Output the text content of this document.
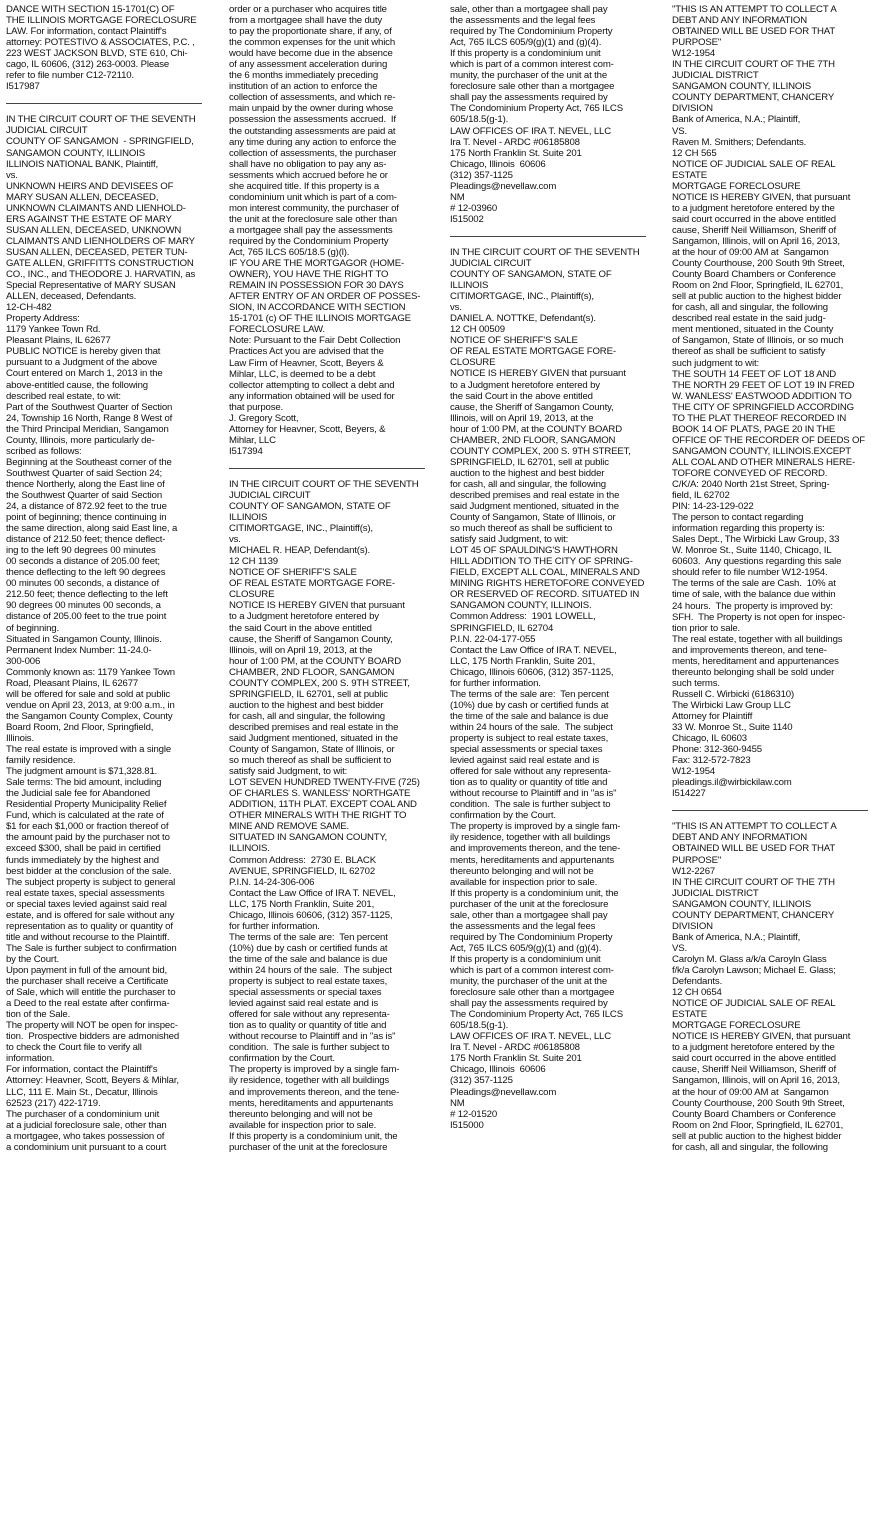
DANCE WITH SECTION 15-1701(C) OF
THE ILLINOIS MORTGAGE FORECLOSURE
LAW. For information, contact Plaintiff's
attorney: POTESTIVO & ASSOCIATES, P.C. ,
223 WEST JACKSON BLVD, STE 610, Chi-
cago, IL 60606, (312) 263-0003. Please
refer to file number C12-72110.
I517987
IN THE CIRCUIT COURT OF THE SEVENTH
JUDICIAL CIRCUIT
COUNTY OF SANGAMON  - SPRINGFIELD,
SANGAMON COUNTY, ILLINOIS
ILLINOIS NATIONAL BANK, Plaintiff,
vs.
UNKNOWN HEIRS AND DEVISEES OF
MARY SUSAN ALLEN, DECEASED,
UNKNOWN CLAIMANTS AND LIENHOLD-
ERS AGAINST THE ESTATE OF MARY
SUSAN ALLEN, DECEASED, UNKNOWN
CLAIMANTS AND LIENHOLDERS OF MARY
SUSAN ALLEN, DECEASED, PETER TUN-
GATE ALLEN, GRIFFITTS CONSTRUCTION
CO., INC., and THEODORE J. HARVATIN, as
Special Representative of MARY SUSAN
ALLEN, deceased, Defendants.
12-CH-482
Property Address:
1179 Yankee Town Rd.
Pleasant Plains, IL 62677
PUBLIC NOTICE is hereby given that
pursuant to a Judgment of the above
Court entered on March 1, 2013 in the
above-entitled cause, the following
described real estate, to wit:
Part of the Southwest Quarter of Section
24, Township 16 North, Range 8 West of
the Third Principal Meridian, Sangamon
County, Illinois, more particularly de-
scribed as follows:
Beginning at the Southeast corner of the
Southwest Quarter of said Section 24;
thence Northerly, along the East line of
the Southwest Quarter of said Section
24, a distance of 872.92 feet to the true
point of beginning; thence continuing in
the same direction, along said East line, a
distance of 212.50 feet; thence deflect-
ing to the left 90 degrees 00 minutes
00 seconds a distance of 205.00 feet;
thence deflecting to the left 90 degrees
00 minutes 00 seconds, a distance of
212.50 feet; thence deflecting to the left
90 degrees 00 minutes 00 seconds, a
distance of 205.00 feet to the true point
of beginning.
Situated in Sangamon County, Illinois.
Permanent Index Number: 11-24.0-
300-006
Commonly known as: 1179 Yankee Town
Road, Pleasant Plains, IL 62677
will be offered for sale and sold at public
vendue on April 23, 2013, at 9:00 a.m., in
the Sangamon County Complex, County
Board Room, 2nd Floor, Springfield,
Illinois.
The real estate is improved with a single
family residence.
The judgment amount is $71,328.81.
Sale terms: The bid amount, including
the Judicial sale fee for Abandoned
Residential Property Municipality Relief
Fund, which is calculated at the rate of
$1 for each $1,000 or fraction thereof of
the amount paid by the purchaser not to
exceed $300, shall be paid in certified
funds immediately by the highest and
best bidder at the conclusion of the sale.
The subject property is subject to general
real estate taxes, special assessments
or special taxes levied against said real
estate, and is offered for sale without any
representation as to quality or quantity of
title and without recourse to the Plaintiff.
The Sale is further subject to confirmation
by the Court.
Upon payment in full of the amount bid,
the purchaser shall receive a Certificate
of Sale, which will entitle the purchaser to
a Deed to the real estate after confirma-
tion of the Sale.
The property will NOT be open for inspec-
tion.  Prospective bidders are admonished
to check the Court file to verify all
information.
For information, contact the Plaintiff's
Attorney: Heavner, Scott, Beyers & Mihlar,
LLC, 111 E. Main St., Decatur, Illinois
62523 (217) 422-1719.
The purchaser of a condominium unit
at a judicial foreclosure sale, other than
a mortgagee, who takes possession of
a condominium unit pursuant to a court
order or a purchaser who acquires title
from a mortgagee shall have the duty
to pay the proportionate share, if any, of
the common expenses for the unit which
would have become due in the absence
of any assessment acceleration during
the 6 months immediately preceding
institution of an action to enforce the
collection of assessments, and which re-
main unpaid by the owner during whose
possession the assessments accrued.  If
the outstanding assessments are paid at
any time during any action to enforce the
collection of assessments, the purchaser
shall have no obligation to pay any as-
sessments which accrued before he or
she acquired title. If this property is a
condominium unit which is part of a com-
mon interest community, the purchaser of
the unit at the foreclosure sale other than
a mortgagee shall pay the assessments
required by the Condominium Property
Act, 765 ILCS 605/18.5 (g)(l).
IF YOU ARE THE MORTGAGOR (HOME-
OWNER), YOU HAVE THE RIGHT TO
REMAIN IN POSSESSION FOR 30 DAYS
AFTER ENTRY OF AN ORDER OF POSSES-
SION, IN ACCORDANCE WITH SECTION
15-1701 (c) OF THE ILLINOIS MORTGAGE
FORECLOSURE LAW.
Note: Pursuant to the Fair Debt Collection
Practices Act you are advised that the
Law Firm of Heavner, Scott, Beyers &
Mihlar, LLC, is deemed to be a debt
collector attempting to collect a debt and
any information obtained will be used for
that purpose.
J. Gregory Scott,
Attorney for Heavner, Scott, Beyers, &
Mihlar, LLC
I517394
IN THE CIRCUIT COURT OF THE SEVENTH
JUDICIAL CIRCUIT
COUNTY OF SANGAMON, STATE OF
ILLINOIS
CITIMORTGAGE, INC., Plaintiff(s),
vs.
MICHAEL R. HEAP, Defendant(s).
12 CH 1139
NOTICE OF SHERIFF'S SALE
OF REAL ESTATE MORTGAGE FORE-
CLOSURE
NOTICE IS HEREBY GIVEN that pursuant
to a Judgment heretofore entered by
the said Court in the above entitled
cause, the Sheriff of Sangamon County,
Illinois, will on April 19, 2013, at the
hour of 1:00 PM, at the COUNTY BOARD
CHAMBER, 2ND FLOOR, SANGAMON
COUNTY COMPLEX, 200 S. 9TH STREET,
SPRINGFIELD, IL 62701, sell at public
auction to the highest and best bidder
for cash, all and singular, the following
described premises and real estate in the
said Judgment mentioned, situated in the
County of Sangamon, State of Illinois, or
so much thereof as shall be sufficient to
satisfy said Judgment, to wit:
LOT SEVEN HUNDRED TWENTY-FIVE (725)
OF CHARLES S. WANLESS' NORTHGATE
ADDITION, 11TH PLAT. EXCEPT COAL AND
OTHER MINERALS WITH THE RIGHT TO
MINE AND REMOVE SAME.
SITUATED IN SANGAMON COUNTY,
ILLINOIS.
Common Address:  2730 E. BLACK
AVENUE, SPRINGFIELD, IL 62702
P.I.N. 14-24-306-006
Contact the Law Office of IRA T. NEVEL,
LLC, 175 North Franklin, Suite 201,
Chicago, Illinois 60606, (312) 357-1125,
for further information.
The terms of the sale are:  Ten percent
(10%) due by cash or certified funds at
the time of the sale and balance is due
within 24 hours of the sale.  The subject
property is subject to real estate taxes,
special assessments or special taxes
levied against said real estate and is
offered for sale without any representa-
tion as to quality or quantity of title and
without recourse to Plaintiff and in "as is"
condition.  The sale is further subject to
confirmation by the Court.
The property is improved by a single fam-
ily residence, together with all buildings
and improvements thereon, and the tene-
ments, hereditaments and appurtenants
thereunto belonging and will not be
available for inspection prior to sale.
If this property is a condominium unit, the
purchaser of the unit at the foreclosure
sale, other than a mortgagee shall pay
the assessments and the legal fees
required by The Condominium Property
Act, 765 ILCS 605/9(g)(1) and (g)(4).
If this property is a condominium unit
which is part of a common interest com-
munity, the purchaser of the unit at the
foreclosure sale other than a mortgagee
shall pay the assessments required by
The Condominium Property Act, 765 ILCS
605/18.5(g-1).
LAW OFFICES OF IRA T. NEVEL, LLC
Ira T. Nevel - ARDC #06185808
175 North Franklin St. Suite 201
Chicago, Illinois  60606
(312) 357-1125
Pleadings@nevellaw.com
NM
# 12-03960
I515002
IN THE CIRCUIT COURT OF THE SEVENTH
JUDICIAL CIRCUIT
COUNTY OF SANGAMON, STATE OF
ILLINOIS
CITIMORTGAGE, INC., Plaintiff(s),
vs.
DANIEL A. NOTTKE, Defendant(s).
12 CH 00509
NOTICE OF SHERIFF'S SALE
OF REAL ESTATE MORTGAGE FORE-
CLOSURE
NOTICE IS HEREBY GIVEN that pursuant
to a Judgment heretofore entered by
the said Court in the above entitled
cause, the Sheriff of Sangamon County,
Illinois, will on April 19, 2013, at the
hour of 1:00 PM, at the COUNTY BOARD
CHAMBER, 2ND FLOOR, SANGAMON
COUNTY COMPLEX, 200 S. 9TH STREET,
SPRINGFIELD, IL 62701, sell at public
auction to the highest and best bidder
for cash, all and singular, the following
described premises and real estate in the
said Judgment mentioned, situated in the
County of Sangamon, State of Illinois, or
so much thereof as shall be sufficient to
satisfy said Judgment, to wit:
LOT 45 OF SPAULDING'S HAWTHORN
HILL ADDITION TO THE CITY OF SPRING-
FIELD, EXCEPT ALL COAL, MINERALS AND
MINING RIGHTS HERETOFORE CONVEYED
OR RESERVED OF RECORD. SITUATED IN
SANGAMON COUNTY, ILLINOIS.
Common Address:  1901 LOWELL,
SPRINGFIELD, IL 62704
P.I.N. 22-04-177-055
Contact the Law Office of IRA T. NEVEL,
LLC, 175 North Franklin, Suite 201,
Chicago, Illinois 60606, (312) 357-1125,
for further information.
The terms of the sale are:  Ten percent
(10%) due by cash or certified funds at
the time of the sale and balance is due
within 24 hours of the sale.  The subject
property is subject to real estate taxes,
special assessments or special taxes
levied against said real estate and is
offered for sale without any representa-
tion as to quality or quantity of title and
without recourse to Plaintiff and in "as is"
condition.  The sale is further subject to
confirmation by the Court.
The property is improved by a single fam-
ily residence, together with all buildings
and improvements thereon, and the tene-
ments, hereditaments and appurtenants
thereunto belonging and will not be
available for inspection prior to sale.
If this property is a condominium unit, the
purchaser of the unit at the foreclosure
sale, other than a mortgagee shall pay
the assessments and the legal fees
required by The Condominium Property
Act, 765 ILCS 605/9(g)(1) and (g)(4).
If this property is a condominium unit
which is part of a common interest com-
munity, the purchaser of the unit at the
foreclosure sale other than a mortgagee
shall pay the assessments required by
The Condominium Property Act, 765 ILCS
605/18.5(g-1).
LAW OFFICES OF IRA T. NEVEL, LLC
Ira T. Nevel - ARDC #06185808
175 North Franklin St. Suite 201
Chicago, Illinois  60606
(312) 357-1125
Pleadings@nevellaw.com
NM
# 12-01520
I515000
"THIS IS AN ATTEMPT TO COLLECT A
DEBT AND ANY INFORMATION
OBTAINED WILL BE USED FOR THAT
PURPOSE"
W12-1954
IN THE CIRCUIT COURT OF THE 7TH
JUDICIAL DISTRICT
SANGAMON COUNTY, ILLINOIS
COUNTY DEPARTMENT, CHANCERY
DIVISION
Bank of America, N.A.; Plaintiff,
VS.
Raven M. Smithers; Defendants.
12 CH 565
NOTICE OF JUDICIAL SALE OF REAL
ESTATE
MORTGAGE FORECLOSURE
NOTICE IS HEREBY GIVEN, that pursuant
to a judgment heretofore entered by the
said court occurred in the above entitled
cause, Sheriff Neil Williamson, Sheriff of
Sangamon, Illinois, will on April 16, 2013,
at the hour of 09:00 AM at  Sangamon
County Courthouse, 200 South 9th Street,
County Board Chambers or Conference
Room on 2nd Floor, Springfield, IL 62701,
sell at public auction to the highest bidder
for cash, all and singular, the following
described real estate in the said judg-
ment mentioned, situated in the County
of Sangamon, State of Illinois, or so much
thereof as shall be sufficient to satisfy
such judgment to wit:
THE SOUTH 14 FEET OF LOT 18 AND
THE NORTH 29 FEET OF LOT 19 IN FRED
W. WANLESS' EASTWOOD ADDITION TO
THE CITY OF SPRINGFIELD ACCORDING
TO THE PLAT THEREOF RECORDED IN
BOOK 14 OF PLATS, PAGE 20 IN THE
OFFICE OF THE RECORDER OF DEEDS OF
SANGAMON COUNTY, ILLINOIS.EXCEPT
ALL COAL AND OTHER MINERALS HERE-
TOFORE CONVEYED OF RECORD.
C/K/A: 2040 North 21st Street, Spring-
field, IL 62702
PIN: 14-23-129-022
The person to contact regarding
information regarding this property is:
Sales Dept., The Wirbicki Law Group, 33
W. Monroe St., Suite 1140, Chicago, IL
60603.  Any questions regarding this sale
should refer to file number W12-1954.
The terms of the sale are Cash.  10% at
time of sale, with the balance due within
24 hours.  The property is improved by:
SFH.  The Property is not open for inspec-
tion prior to sale.
The real estate, together with all buildings
and improvements thereon, and tene-
ments, hereditament and appurtenances
thereunto belonging shall be sold under
such terms.
Russell C. Wirbicki (6186310)
The Wirbicki Law Group LLC
Attorney for Plaintiff
33 W. Monroe St., Suite 1140
Chicago, IL 60603
Phone: 312-360-9455
Fax: 312-572-7823
W12-1954
pleadings.il@wirbickilaw.com
I514227
"THIS IS AN ATTEMPT TO COLLECT A
DEBT AND ANY INFORMATION
OBTAINED WILL BE USED FOR THAT
PURPOSE"
W12-2267
IN THE CIRCUIT COURT OF THE 7TH
JUDICIAL DISTRICT
SANGAMON COUNTY, ILLINOIS
COUNTY DEPARTMENT, CHANCERY
DIVISION
Bank of America, N.A.; Plaintiff,
VS.
Carolyn M. Glass a/k/a Caroyln Glass
f/k/a Carolyn Lawson; Michael E. Glass;
Defendants.
12 CH 0654
NOTICE OF JUDICIAL SALE OF REAL
ESTATE
MORTGAGE FORECLOSURE
NOTICE IS HEREBY GIVEN, that pursuant
to a judgment heretofore entered by the
said court occurred in the above entitled
cause, Sheriff Neil Williamson, Sheriff of
Sangamon, Illinois, will on April 16, 2013,
at the hour of 09:00 AM at  Sangamon
County Courthouse, 200 South 9th Street,
County Board Chambers or Conference
Room on 2nd Floor, Springfield, IL 62701,
sell at public auction to the highest bidder
for cash, all and singular, the following
